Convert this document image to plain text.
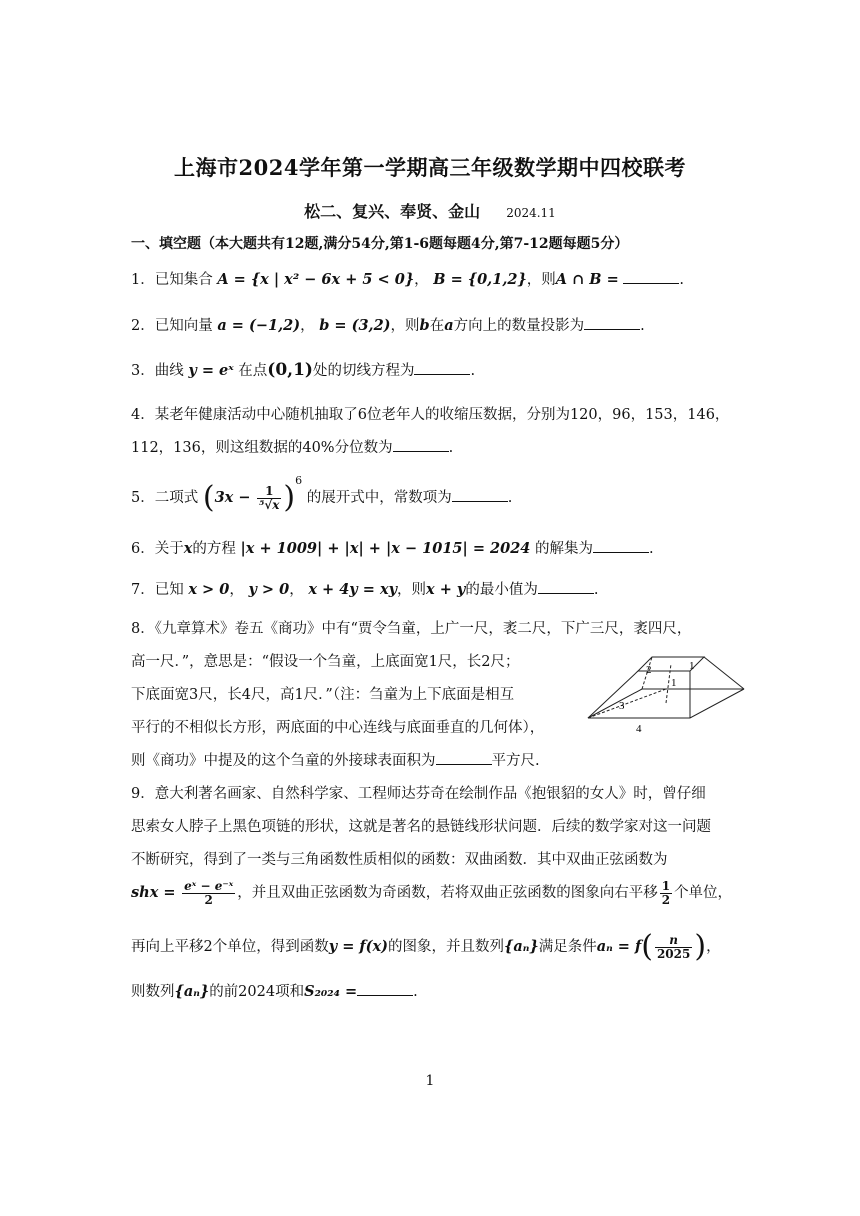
上海市2024学年第一学期高三年级数学期中四校联考
松二、复兴、奉贤、金山 2024.11
一、填空题（本大题共有12题,满分54分,第1-6题每题4分,第7-12题每题5分）
1．已知集合 A = {x | x² − 6x + 5 < 0}， B = {0,1,2}，则A ∩ B =	.
2．已知向量 a = (−1,2)， b = (3,2)，则b在a方向上的数量投影为	.
3．曲线 y = eˣ 在点(0,1)处的切线方程为	.
4．某老年健康活动中心随机抽取了6位老年人的收缩压数据，分别为120，96，153，146，
112，136，则这组数据的40%分位数为	.
5．二项式 $(3x - \frac{1}{\text{⁵√x}} )^6$ 的展开式中，常数项为	.
6．关于x的方程 |x + 1009| + |x| + |x − 1015| = 2024 的解集为	.
7．已知 x > 0， y > 0， x + 4y = xy，则x + y的最小值为	.
8．《九章算术》卷五《商功》中有“贾令刍童，上广一尺，袤二尺，下广三尺，袤四尺，
高一尺．”，意思是：“假设一个刍童，上底面宽1尺，长2尺；
下底面宽3尺，长4尺，高1尺．”（注：刍童为上下底面是相互
平行的不相似长方形，两底面的中心连线与底面垂直的几何体），
则《商功》中提及的这个刍童的外接球表面积为	平方尺.
2	1
1
3
4
9．意大利著名画家、自然科学家、工程师达芬奇在绘制作品《抱银貂的女人》时，曾仔细
思索女人脖子上黑色项链的形状，这就是著名的悬链线形状问题．后续的数学家对这一问题
不断研究，得到了一类与三角函数性质相似的函数：双曲函数．其中双曲正弦函数为
shx = $\frac{\text{eˣ − e⁻ˣ}}{2}$ ，并且双曲正弦函数为奇函数，若将双曲正弦函数的图象向右平移 $\frac{1}{2}$ 个单位，
再向上平移2个单位，得到函数y = f(x)的图象，并且数列{aₙ}满足条件$a_n = f( \frac{n}{2025}$ )，
则数列{aₙ}的前2024项和S₂₀₂₄ =	.
1
